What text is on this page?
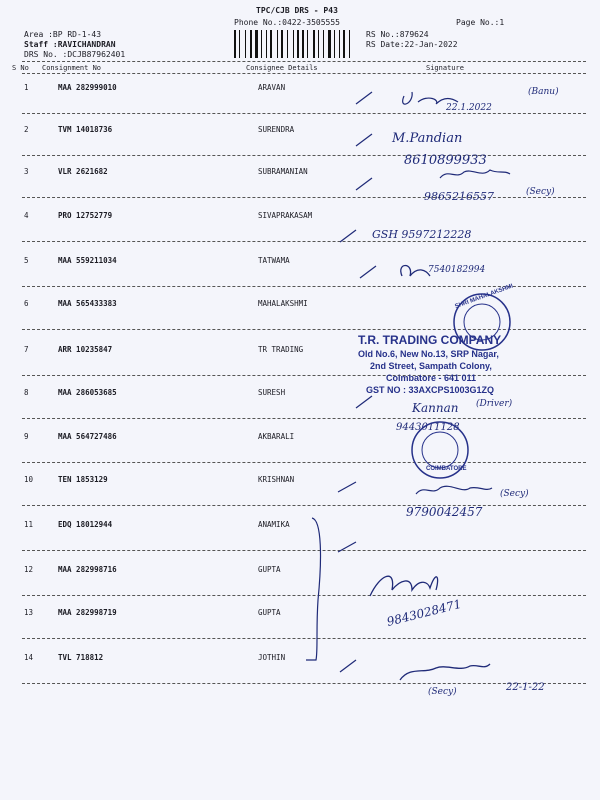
TPC/CJB DRS - P43
Phone No.:0422-3505555	Page No.:1
Area :BP RD-1-43
Staff :RAVICHANDRAN
DRS No. :DCJB87962401
RS No.:879624
RS Date:22-Jan-2022
S No Consignment No	Consignee Details	Signature
1	MAA 282999010	ARAVAN
2	TVM 14018736	SURENDRA
3	VLR 2621682	SUBRAMANIAN
4	PRO 12752779	SIVAPRAKASAM
5	MAA 559211034	TATWAMA
6	MAA 565433383	MAHALAKSHMI
7	ARR 10235847	TR TRADING
8	MAA 286053685	SURESH
9	MAA 564727486	AKBARALI
10	TEN 1853129	KRISHNAN
11	EDQ 18012944	ANAMIKA
12	MAA 282998716	GUPTA
13	MAA 282998719	GUPTA
14	TVL 718812	JOTHIN
22.1.2022
(Banu)
M.Pandian
8610899933
9865216557	(Secy)
GSH 9597212228
7540182994
SHRI MAHALAKSHMI
T.R. TRADING COMPANY
Old No.6, New No.13, SRP Nagar,
2nd Street, Sampath Colony,
Coimbatore - 641 011
GST NO : 33AXCPS1003G1ZQ
Kannan (Driver)
9443011128
COIMBATORE
(Secy)
9790042457
9843028471
(Secy)	22-1-22
